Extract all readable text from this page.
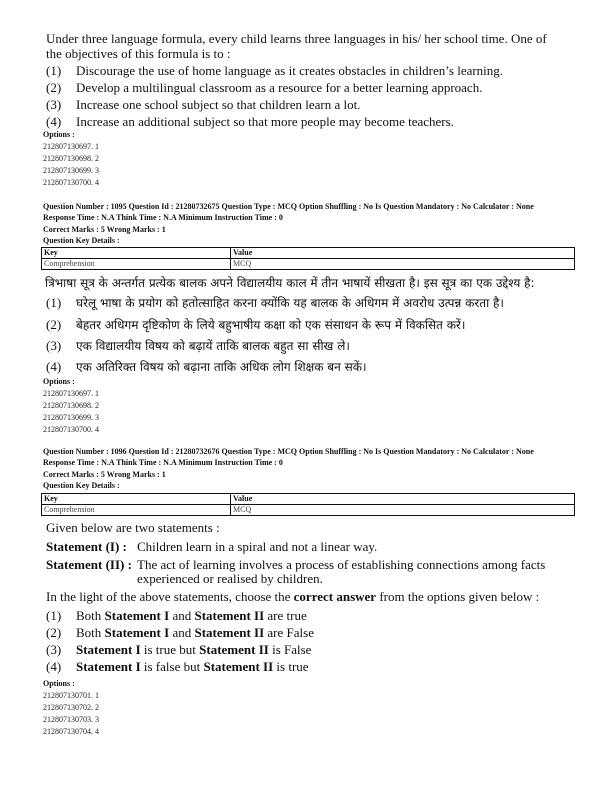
Under three language formula, every child learns three languages in his/ her school time. One of
the objectives of this formula is to :
(1) Discourage the use of home language as it creates obstacles in children’s learning.
(2) Develop a multilingual classroom as a resource for a better learning approach.
(3) Increase one school subject so that children learn a lot.
(4) Increase an additional subject so that more people may become teachers.
Options :
212807130697. 1
212807130698. 2
212807130699. 3
212807130700. 4
Question Number : 1095 Question Id : 21280732675 Question Type : MCQ Option Shuffling : No Is Question Mandatory : No Calculator : None
Response Time : N.A Think Time : N.A Minimum Instruction Time : 0
Correct Marks : 5 Wrong Marks : 1
Question Key Details :
Key	Value
Comprehension	MCQ
त्रिभाषा सूत्र के अन्तर्गत प्रत्येक बालक अपने विद्यालयीय काल में तीन भाषायें सीखता है। इस सूत्र का एक उद्देश्य है:
(1) घरेलू भाषा के प्रयोग को हतोत्साहित करना क्योंकि यह बालक के अधिगम में अवरोध उत्पन्न करता है।
(2) बेहतर अधिगम दृष्टिकोण के लिये बहुभाषीय कक्षा को एक संसाधन के रूप में विकसित करें।
(3) एक विद्यालयीय विषय को बढ़ायें ताकि बालक बहुत सा सीख ले।
(4) एक अतिरिक्त विषय को बढ़ाना ताकि अधिक लोग शिक्षक बन सकें।
Options :
212807130697. 1
212807130698. 2
212807130699. 3
212807130700. 4
Question Number : 1096 Question Id : 21280732676 Question Type : MCQ Option Shuffling : No Is Question Mandatory : No Calculator : None
Response Time : N.A Think Time : N.A Minimum Instruction Time : 0
Correct Marks : 5 Wrong Marks : 1
Question Key Details :
Key	Value
Comprehension	MCQ
Given below are two statements :
Statement (I) : Children learn in a spiral and not a linear way.
Statement (II) : The act of learning involves a process of establishing connections among facts
experienced or realised by children.
In the light of the above statements, choose the correct answer from the options given below :
(1) Both Statement I and Statement II are true
(2) Both Statement I and Statement II are False
(3) Statement I is true but Statement II is False
(4) Statement I is false but Statement II is true
Options :
212807130701. 1
212807130702. 2
212807130703. 3
212807130704. 4
